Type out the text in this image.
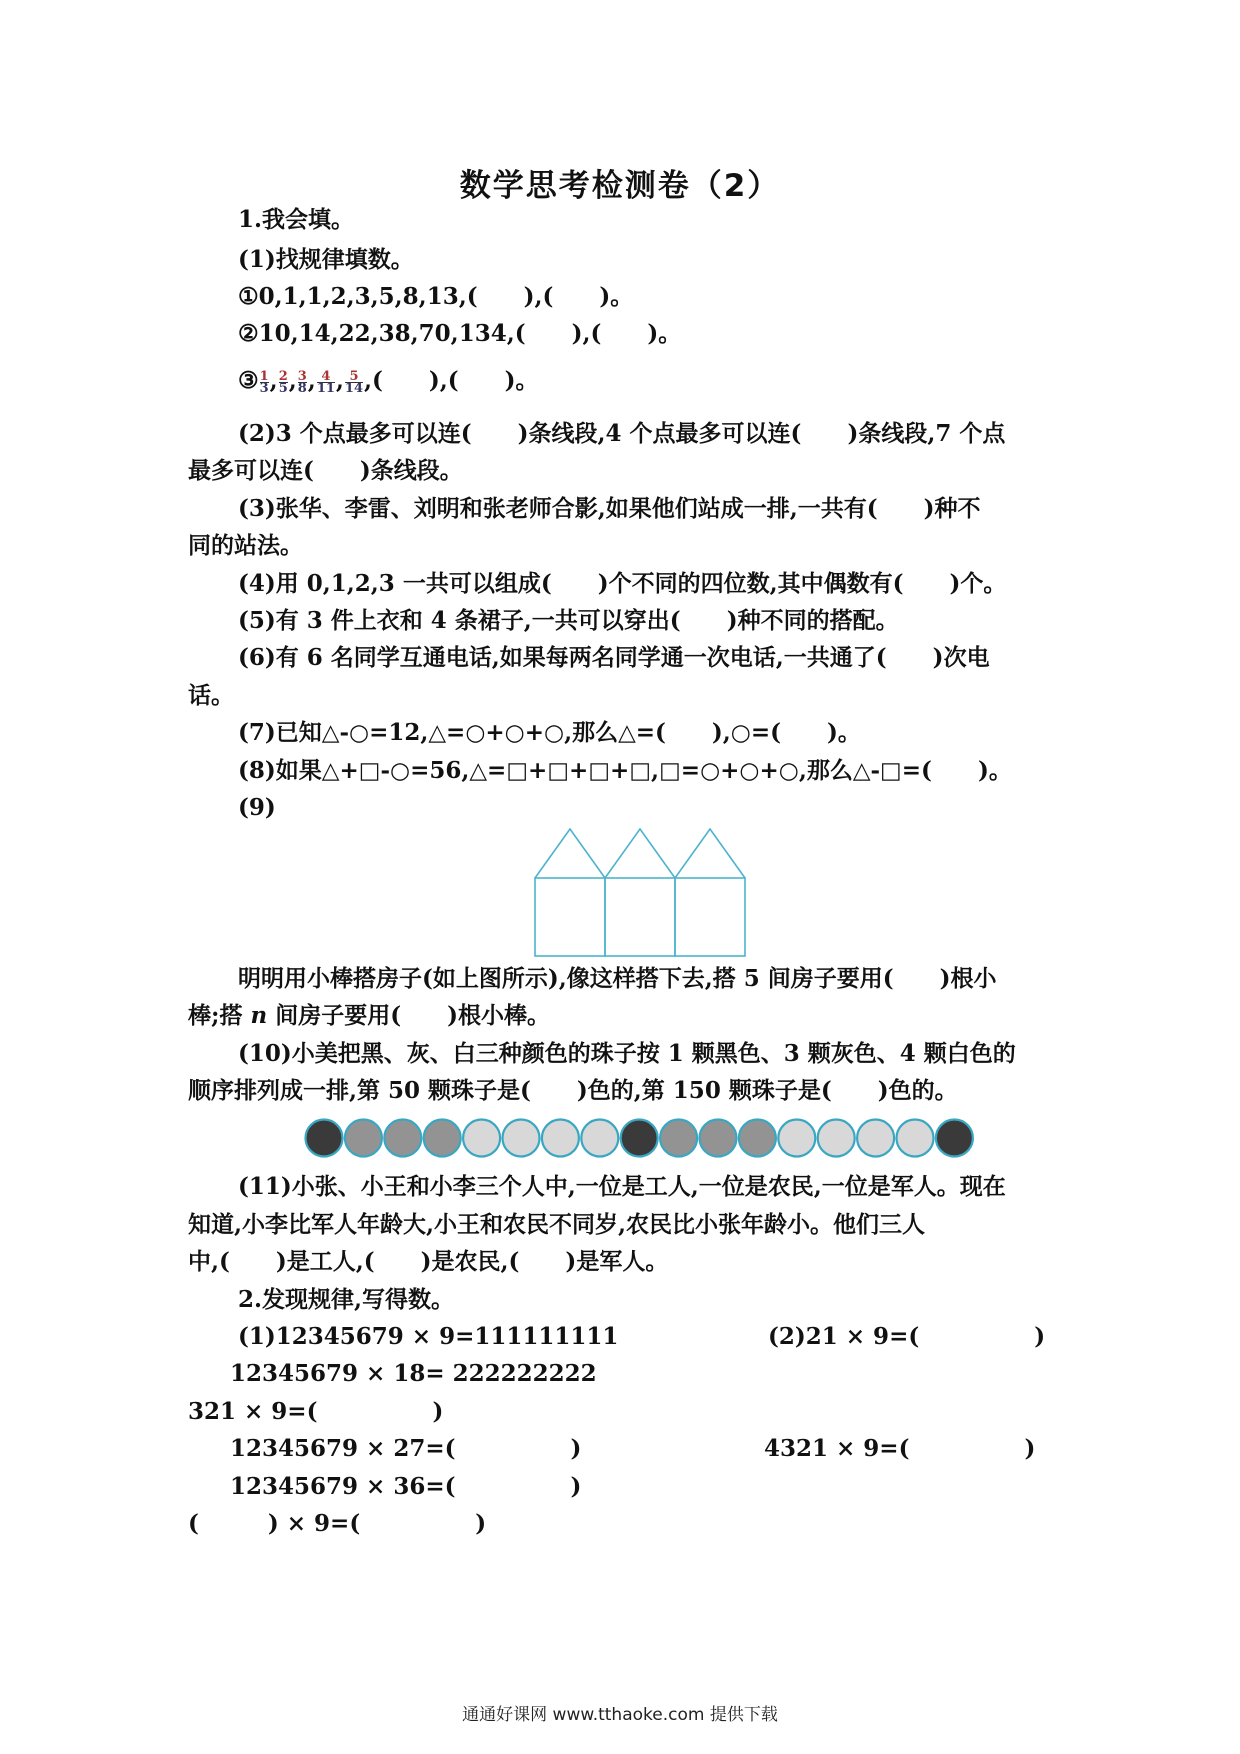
数学思考检测卷（2）
1.我会填。
(1)找规律填数。
①0,1,1,2,3,5,8,13,(　　),(　　)。
②10,14,22,38,70,134,(　　),(　　)。
③ $\frac{1}{3}$ , $\frac{2}{5}$ , $\frac{3}{8}$ , $\frac{4}{11}$ , $\frac{5}{14}$ ,(　　),(　　)。
(2)3 个点最多可以连(　　)条线段,4 个点最多可以连(　　)条线段,7 个点
最多可以连(　　)条线段。
(3)张华、李雷、刘明和张老师合影,如果他们站成一排,一共有(　　)种不
同的站法。
(4)用 0,1,2,3 一共可以组成(　　)个不同的四位数,其中偶数有(　　)个。
(5)有 3 件上衣和 4 条裙子,一共可以穿出(　　)种不同的搭配。
(6)有 6 名同学互通电话,如果每两名同学通一次电话,一共通了(　　)次电
话。
(7)已知△-○=12,△=○+○+○,那么△=(　　),○=(　　)。
(8)如果△+□-○=56,△=□+□+□+□,□=○+○+○,那么△-□=(　　)。
(9)
明明用小棒搭房子(如上图所示),像这样搭下去,搭 5 间房子要用(　　)根小
棒;搭 n 间房子要用(　　)根小棒。
(10)小美把黑、灰、白三种颜色的珠子按 1 颗黑色、3 颗灰色、4 颗白色的
顺序排列成一排,第 50 颗珠子是(　　)色的,第 150 颗珠子是(　　)色的。
(11)小张、小王和小李三个人中,一位是工人,一位是农民,一位是军人。现在
知道,小李比军人年龄大,小王和农民不同岁,农民比小张年龄小。他们三人
中,(　　)是工人,(　　)是农民,(　　)是军人。
2.发现规律,写得数。
(1)12345679 × 9=111111111	(2)21 × 9=(　　　　　)
12345679 × 18= 222222222
321 × 9=(　　　　　)
12345679 × 27=(　　　　　)	4321 × 9=(　　　　　)
12345679 × 36=(　　　　　)
(　　　) × 9=(　　　　　)
通通好课网 www.tthaoke.com 提供下载
